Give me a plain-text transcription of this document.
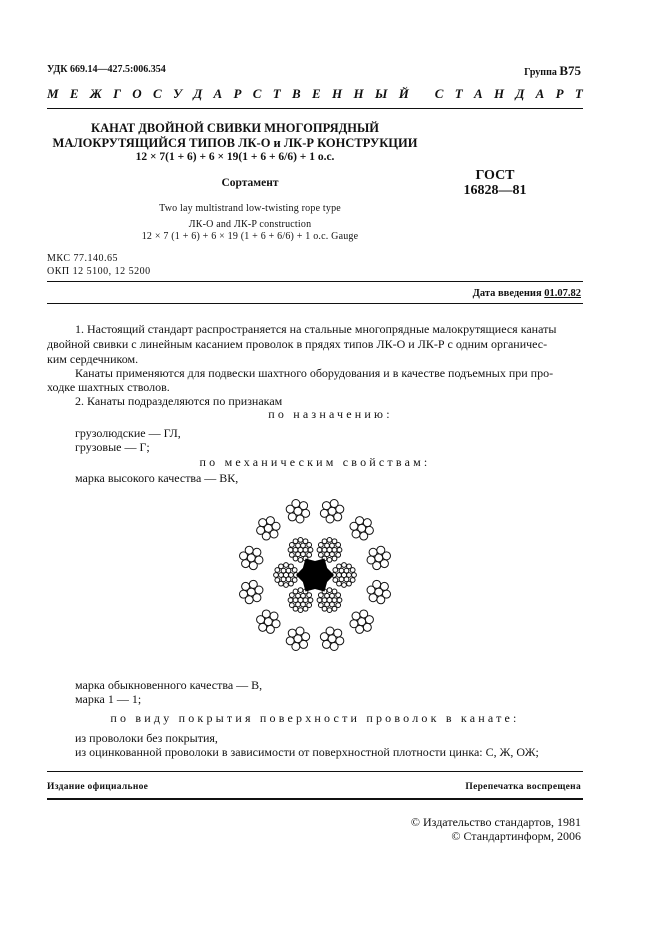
УДК 669.14—427.5:006.354	Группа В75
М Е Ж Г О С У Д А Р С Т В Е Н Н Ы Й
С Т А Н Д А Р Т
КАНАТ ДВОЙНОЙ СВИВКИ МНОГОПРЯДНЫЙ
МАЛОКРУТЯЩИЙСЯ ТИПОВ ЛК-О и ЛК-Р КОНСТРУКЦИИ
12 × 7(1 + 6) + 6 × 19(1 + 6 + 6/6) + 1 о.с.
Сортамент	ГОСТ
16828—81
Two lay multistrand low-twisting rope type
ЛК-O and ЛК-P construction
12 × 7 (1 + 6) + 6 × 19 (1 + 6 + 6/6) + 1 o.c. Gauge
МКС 77.140.65
ОКП 12 5100, 12 5200
Дата введения 01.07.82
1. Настоящий стандарт распространяется на стальные многопрядные малокрутящиеся канаты
двойной свивки с линейным касанием проволок в прядях типов ЛК-О и ЛК-Р с одним органичес-
ким сердечником.
Канаты применяются для подвески шахтного оборудования и в качестве подъемных при про-
ходке шахтных стволов.
2. Канаты подразделяются по признакам
по назначению:
грузолюдские — ГЛ,
грузовые — Г;
по механическим свойствам:
марка высокого качества — ВК,
марка обыкновенного качества — В,
марка 1 — 1;
по виду покрытия поверхности проволок в канате:
из проволоки без покрытия,
из оцинкованной проволоки в зависимости от поверхностной плотности цинка: С, Ж, ОЖ;
Издание официальное	Перепечатка воспрещена
© Издательство стандартов, 1981
© Стандартинформ, 2006
